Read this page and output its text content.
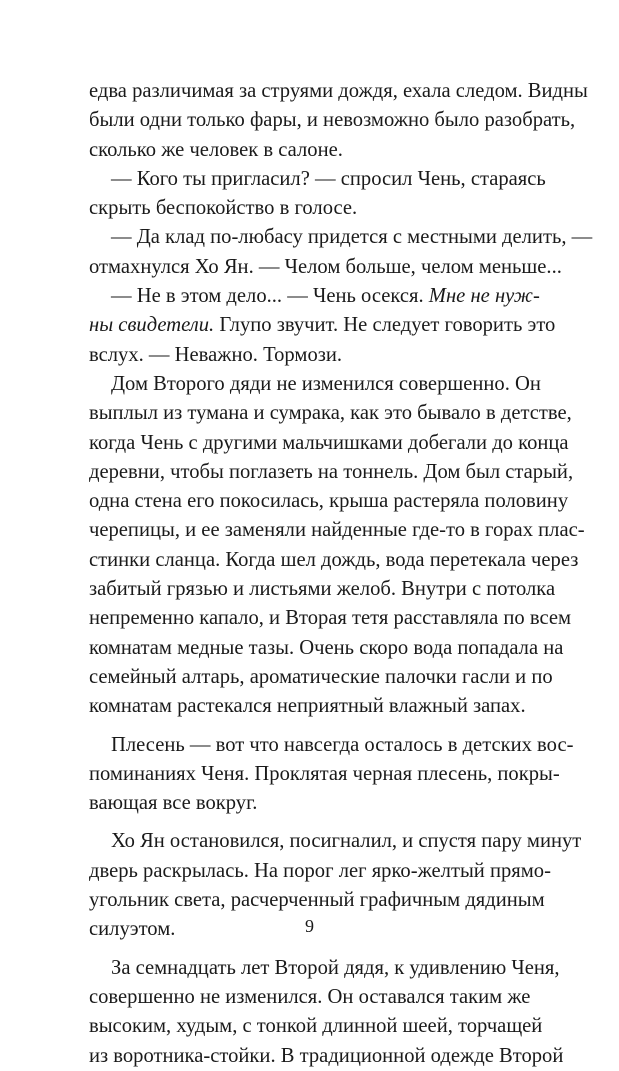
едва различимая за струями дождя, ехала следом. Видны
были одни только фары, и невозможно было разобрать,
сколько же человек в салоне.
— Кого ты пригласил? — спросил Чень, стараясь
скрыть беспокойство в голосе.
— Да клад по-любасу придется с местными делить, —
отмахнулся Хо Ян. — Челом больше, челом меньше...
— Не в этом дело... — Чень осекся. Мне не нуж-
ны свидетели. Глупо звучит. Не следует говорить это
вслух. — Неважно. Тормози.
Дом Второго дяди не изменился совершенно. Он
выплыл из тумана и сумрака, как это бывало в детстве,
когда Чень с другими мальчишками добегали до конца
деревни, чтобы поглазеть на тоннель. Дом был старый,
одна стена его покосилась, крыша растеряла половину
черепицы, и ее заменяли найденные где-то в горах плас-
стинки сланца. Когда шел дождь, вода перетекала через
забитый грязью и листьями желоб. Внутри с потолка
непременно капало, и Вторая тетя расставляла по всем
комнатам медные тазы. Очень скоро вода попадала на
семейный алтарь, ароматические палочки гасли и по
комнатам растекался неприятный влажный запах.
Плесень — вот что навсегда осталось в детских вос-
поминаниях Ченя. Проклятая черная плесень, покры-
вающая все вокруг.
Хо Ян остановился, посигналил, и спустя пару минут
дверь раскрылась. На порог лег ярко-желтый прямо-
угольник света, расчерченный графичным дядиным
силуэтом.
За семнадцать лет Второй дядя, к удивлению Ченя,
совершенно не изменился. Он оставался таким же
высоким, худым, с тонкой длинной шеей, торчащей
из воротника-стойки. В традиционной одежде Второй
9
